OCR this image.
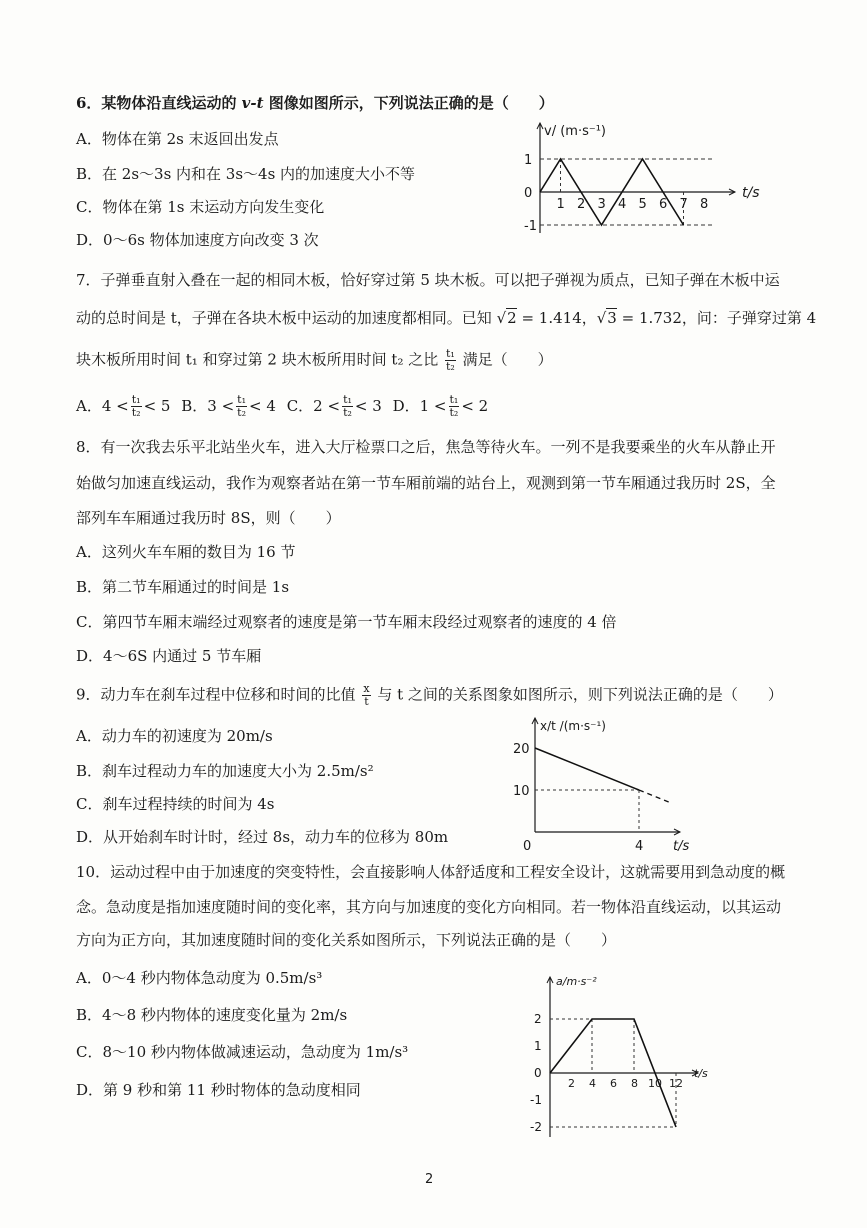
6．某物体沿直线运动的 v-t 图像如图所示，下列说法正确的是（　　）
A．物体在第 2s 末返回出发点
B．在 2s～3s 内和在 3s～4s 内的加速度大小不等
C．物体在第 1s 末运动方向发生变化
D．0～6s 物体加速度方向改变 3 次
v/ (m·s⁻¹)
t/s
1
0
-1
1 2 3 4 5 6 7 8
7．子弹垂直射入叠在一起的相同木板，恰好穿过第 5 块木板。可以把子弹视为质点，已知子弹在木板中运
动的总时间是 t，子弹在各块木板中运动的加速度都相同。已知 √2 = 1.414，√3 = 1.732，问：子弹穿过第 4
块木板所用时间 t₁ 和穿过第 2 块木板所用时间 t₂ 之比 $\frac{\text{t₁}}{\text{t₂}}$ 满足（　　）
A．$4 < \frac{\text{t₁}}{\text{t₂}} < 5$ B．$3 < \frac{\text{t₁}}{\text{t₂}} < 4$ C．$2 < \frac{\text{t₁}}{\text{t₂}} < 3$ D．$1 < \frac{\text{t₁}}{\text{t₂}} < 2$
8．有一次我去乐平北站坐火车，进入大厅检票口之后，焦急等待火车。一列不是我要乘坐的火车从静止开
始做匀加速直线运动，我作为观察者站在第一节车厢前端的站台上，观测到第一节车厢通过我历时 2S，全
部列车车厢通过我历时 8S，则（　　）
A．这列火车车厢的数目为 16 节
B．第二节车厢通过的时间是 1s
C．第四节车厢末端经过观察者的速度是第一节车厢末段经过观察者的速度的 4 倍
D．4～6S 内通过 5 节车厢
9．动力车在刹车过程中位移和时间的比值 $\frac{x}{t}$ 与 t 之间的关系图象如图所示，则下列说法正确的是（　　）
A．动力车的初速度为 20m/s
B．刹车过程动力车的加速度大小为 2.5m/s²
C．刹车过程持续的时间为 4s
D．从开始刹车时计时，经过 8s，动力车的位移为 80m
x/t /(m·s⁻¹)
t/s
20
10
0	4
10．运动过程中由于加速度的突变特性，会直接影响人体舒适度和工程安全设计，这就需要用到急动度的概
念。急动度是指加速度随时间的变化率，其方向与加速度的变化方向相同。若一物体沿直线运动，以其运动
方向为正方向，其加速度随时间的变化关系如图所示，下列说法正确的是（　　）
A．0～4 秒内物体急动度为 0.5m/s³
B．4～8 秒内物体的速度变化量为 2m/s
C．8～10 秒内物体做减速运动，急动度为 1m/s³
D．第 9 秒和第 11 秒时物体的急动度相同
a/m·s⁻²
t/s
2
1
0
-1
-2
2 4 6 8 10 12
2
